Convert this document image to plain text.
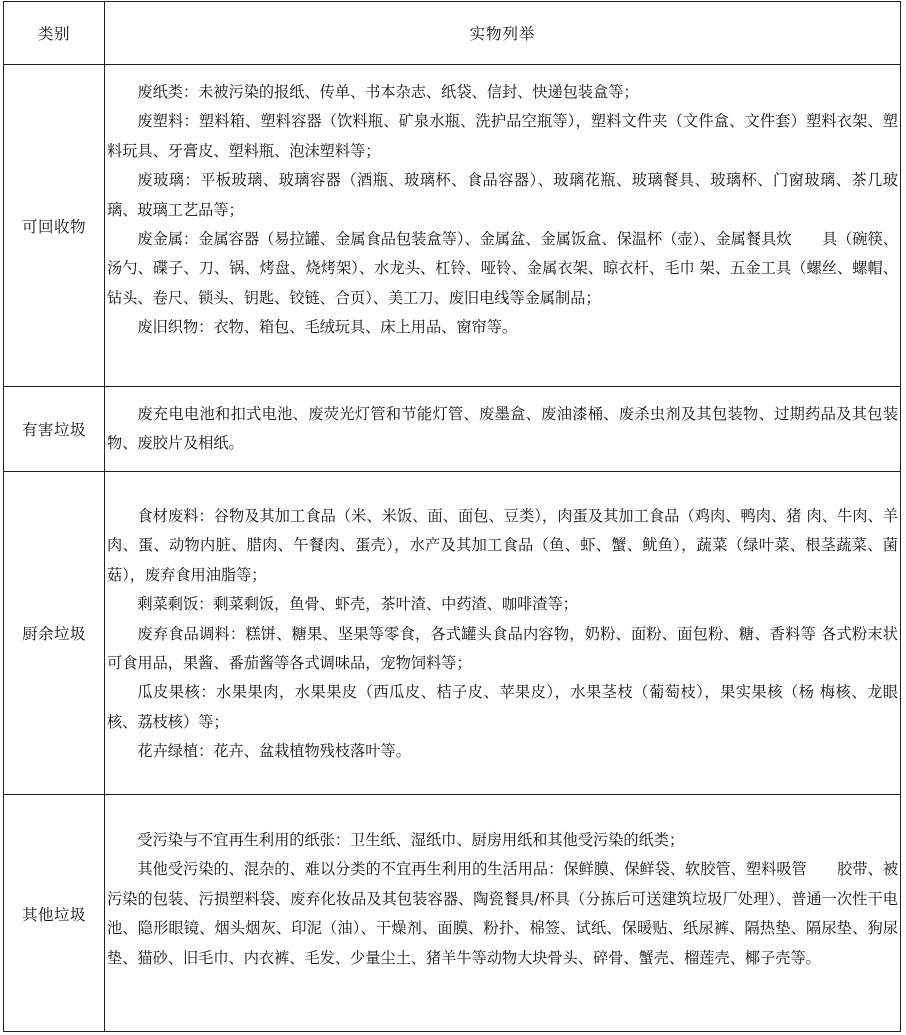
类别	实物列举
可回收物

废纸类：未被污染的报纸、传单、书本杂志、纸袋、信封、快递包装盒等；

废塑料：塑料箱、塑料容器（饮料瓶、矿泉水瓶、洗护品空瓶等），塑料文件夹（文件盒、文件套）塑料衣架、塑料玩具、牙膏皮、塑料瓶、泡沫塑料等；

废玻璃：平板玻璃、玻璃容器（酒瓶、玻璃杯、食品容器）、玻璃花瓶、玻璃餐具、玻璃杯、门窗玻璃、茶几玻璃、玻璃工艺品等；

废金属：金属容器（易拉罐、金属食品包装盒等）、金属盆、金属饭盒、保温杯（壶）、金属餐具炊　　具（碗筷、汤勺、碟子、刀、锅、烤盘、烧烤架）、水龙头、杠铃、哑铃、金属衣架、晾衣杆、毛巾 架、五金工具（螺丝、螺帽、钻头、卷尺、锁头、钥匙、铰链、合页）、美工刀、废旧电线等金属制品；

废旧织物：衣物、箱包、毛绒玩具、床上用品、窗帘等。

有害垃圾

废充电电池和扣式电池、废荧光灯管和节能灯管、废墨盒、废油漆桶、废杀虫剂及其包装物、过期药品及其包装物、废胶片及相纸。

厨余垃圾

食材废料：谷物及其加工食品（米、米饭、面、面包、豆类），肉蛋及其加工食品（鸡肉、鸭肉、猪 肉、牛肉、羊肉、蛋、动物内脏、腊肉、午餐肉、蛋壳），水产及其加工食品（鱼、虾、蟹、鱿鱼），蔬菜（绿叶菜、根茎蔬菜、菌菇），废弃食用油脂等；

剩菜剩饭：剩菜剩饭，鱼骨、虾壳，茶叶渣、中药渣、咖啡渣等；

废弃食品调料：糕饼、糖果、坚果等零食，各式罐头食品内容物，奶粉、面粉、面包粉、糖、香料等 各式粉末状可食用品，果酱、番茄酱等各式调味品，宠物饲料等；

瓜皮果核：水果果肉，水果果皮（西瓜皮、桔子皮、苹果皮），水果茎枝（葡萄枝），果实果核（杨 梅核、龙眼核、荔枝核）等；

花卉绿植：花卉、盆栽植物残枝落叶等。

其他垃圾

受污染与不宜再生利用的纸张：卫生纸、湿纸巾、厨房用纸和其他受污染的纸类；

其他受污染的、混杂的、难以分类的不宜再生利用的生活用品：保鲜膜、保鲜袋、软胶管、塑料吸管　　胶带、被污染的包装、污损塑料袋、废弃化妆品及其包装容器、陶瓷餐具/杯具（分拣后可送建筑垃圾厂处理）、普通一次性干电池、隐形眼镜、烟头烟灰、印泥（油）、干燥剂、面膜、粉扑、棉签、试纸、保暖贴、纸尿裤、隔热垫、隔尿垫、狗尿垫、猫砂、旧毛巾、内衣裤、毛发、少量尘土、猪羊牛等动物大块骨头、碎骨、蟹壳、榴莲壳、椰子壳等。
